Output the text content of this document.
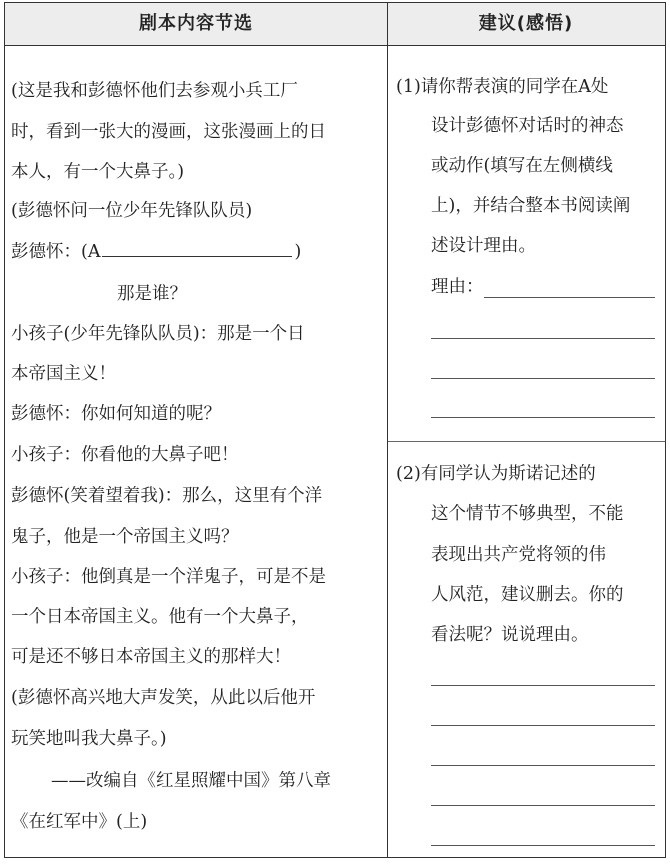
剧本内容节选	建议(感悟)
(这是我和彭德怀他们去参观小兵工厂
时，看到一张大的漫画，这张漫画上的日
本人，有一个大鼻子。)
(彭德怀问一位少年先锋队队员)
彭德怀：(A	)
那是谁？
小孩子(少年先锋队队员)：那是一个日
本帝国主义！
彭德怀：你如何知道的呢？
小孩子：你看他的大鼻子吧！
彭德怀(笑着望着我)：那么，这里有个洋
鬼子，他是一个帝国主义吗？
小孩子：他倒真是一个洋鬼子，可是不是
一个日本帝国主义。他有一个大鼻子，
可是还不够日本帝国主义的那样大！
(彭德怀高兴地大声发笑，从此以后他开
玩笑地叫我大鼻子。)
——改编自《红星照耀中国》第八章
《在红军中》(上)
(1)请你帮表演的同学在A处
设计彭德怀对话时的神态
或动作(填写在左侧横线
上)，并结合整本书阅读阐
述设计理由。
理由：
(2)有同学认为斯诺记述的
这个情节不够典型，不能
表现出共产党将领的伟
人风范，建议删去。你的
看法呢？说说理由。
